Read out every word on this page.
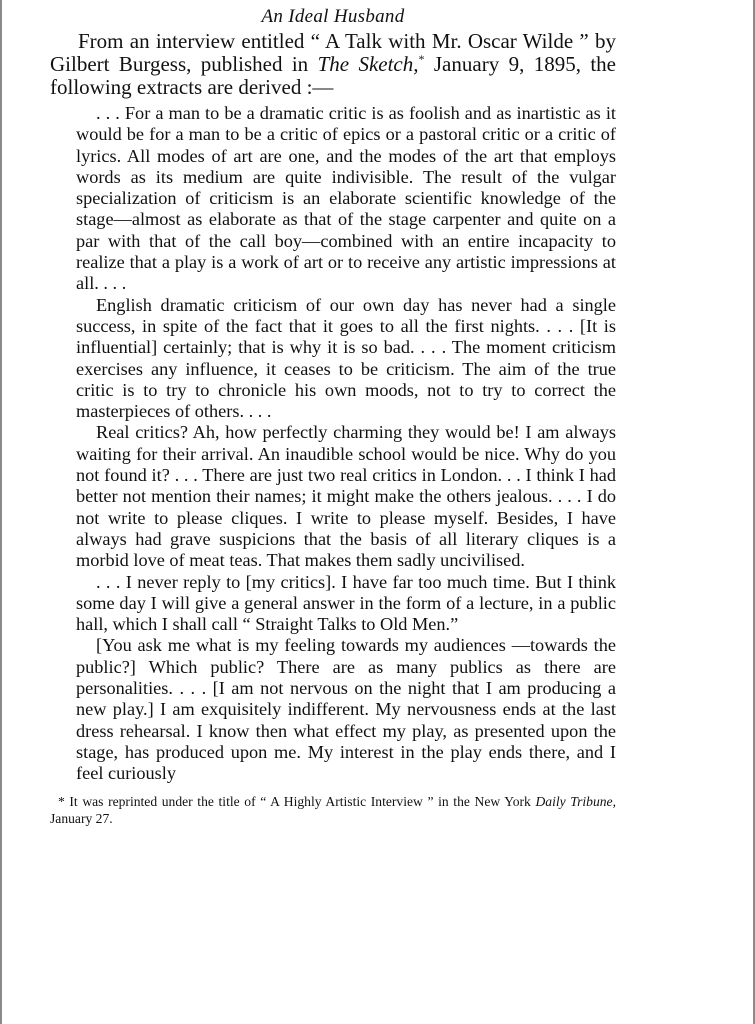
An Ideal Husband

From an interview entitled “ A Talk with Mr. Oscar Wilde ” by Gilbert Burgess, published in The Sketch,* January 9, 1895, the following extracts are derived :—

. . . For a man to be a dramatic critic is as foolish and as inartistic as it would be for a man to be a critic of epics or a pastoral critic or a critic of lyrics. All modes of art are one, and the modes of the art that employs words as its medium are quite indivisible. The result of the vulgar specialization of criticism is an elaborate scientific knowledge of the stage—almost as elaborate as that of the stage carpenter and quite on a par with that of the call boy—combined with an entire incapacity to realize that a play is a work of art or to receive any artistic impressions at all. . . .

English dramatic criticism of our own day has never had a single success, in spite of the fact that it goes to all the first nights. . . . [It is influential] certainly; that is why it is so bad. . . . The moment criticism exercises any influence, it ceases to be criticism. The aim of the true critic is to try to chronicle his own moods, not to try to correct the masterpieces of others. . . .

Real critics? Ah, how perfectly charming they would be! I am always waiting for their arrival. An inaudible school would be nice. Why do you not found it? . . . There are just two real critics in London. . . I think I had better not mention their names; it might make the others jealous. . . . I do not write to please cliques. I write to please myself. Besides, I have always had grave suspicions that the basis of all literary cliques is a morbid love of meat teas. That makes them sadly uncivilised.

. . . I never reply to [my critics]. I have far too much time. But I think some day I will give a general answer in the form of a lecture, in a public hall, which I shall call “ Straight Talks to Old Men.”

[You ask me what is my feeling towards my audiences —towards the public?] Which public? There are as many publics as there are personalities. . . . [I am not nervous on the night that I am producing a new play.] I am exquisitely indifferent. My nervousness ends at the last dress rehearsal. I know then what effect my play, as presented upon the stage, has produced upon me. My interest in the play ends there, and I feel curiously

* It was reprinted under the title of “ A Highly Artistic Interview ” in the New York Daily Tribune, January 27.
